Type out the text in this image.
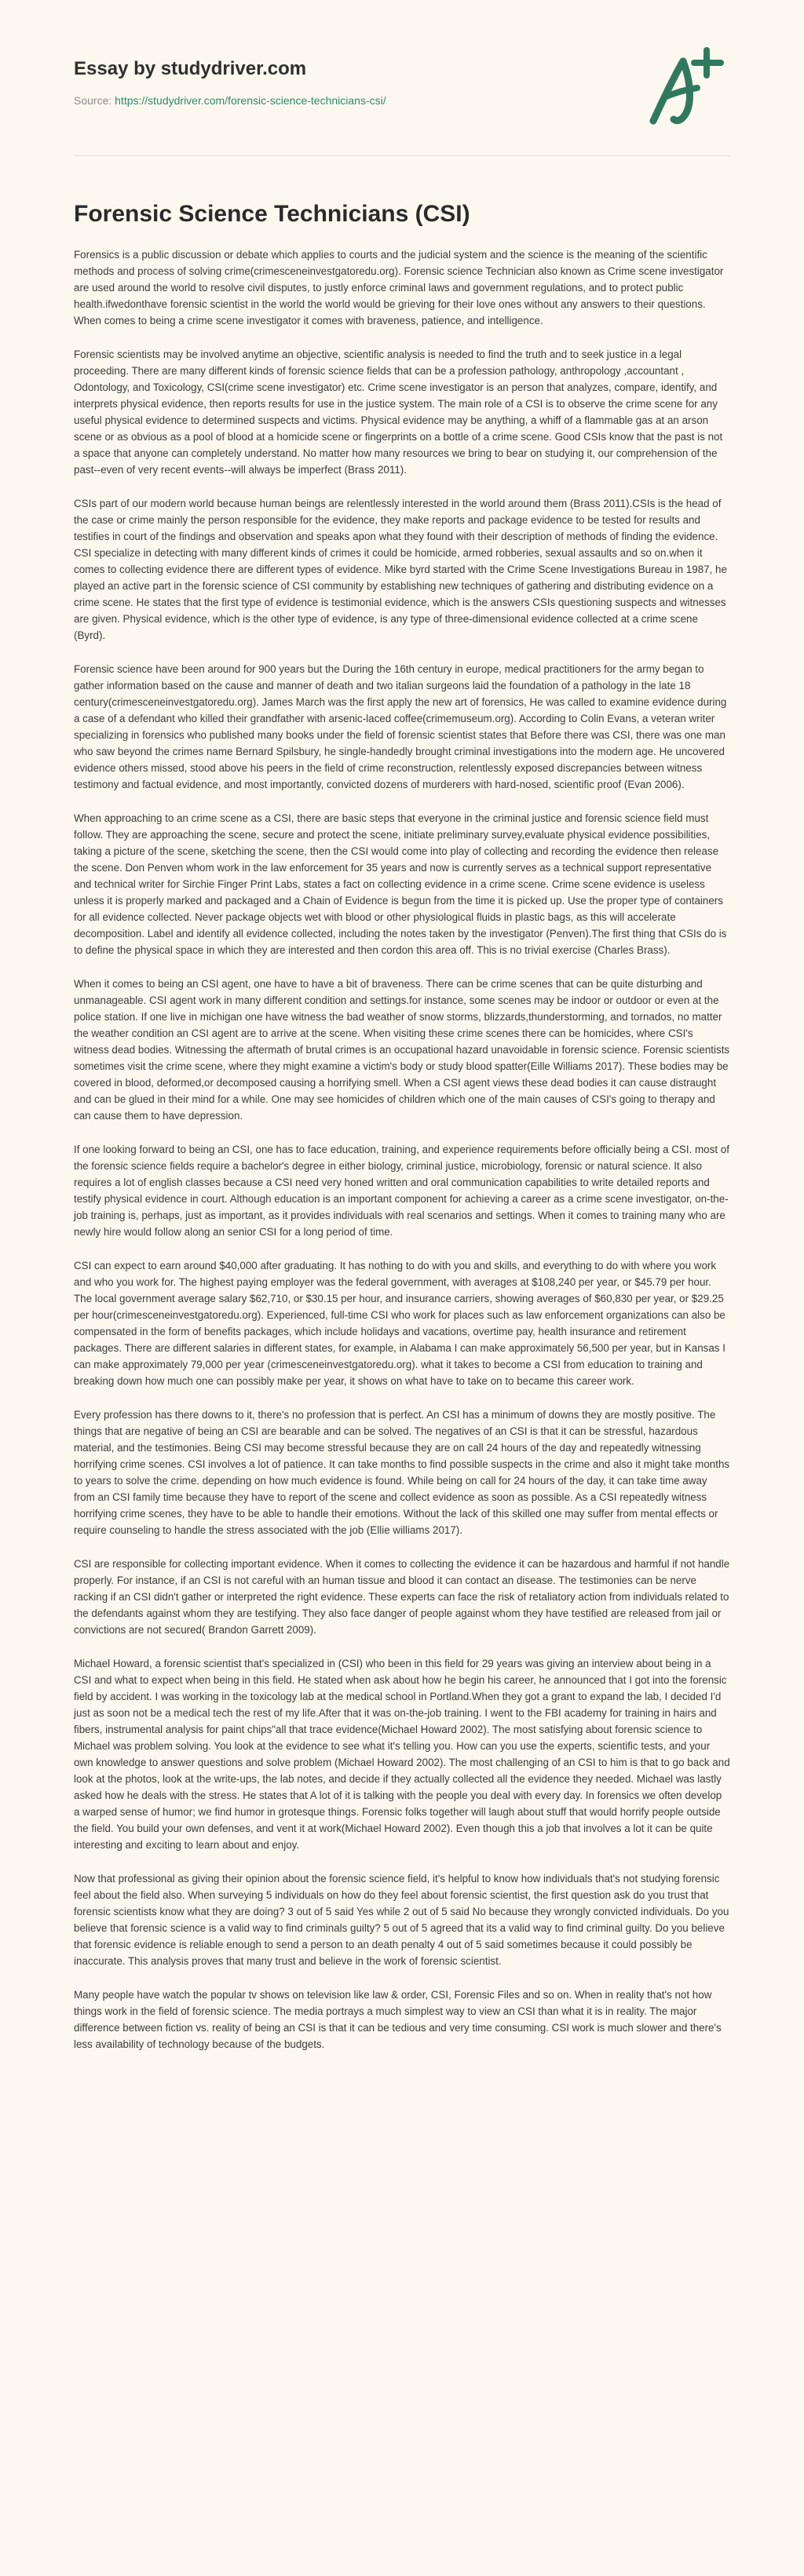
Essay by studydriver.com
Source: https://studydriver.com/forensic-science-technicians-csi/
Forensic Science Technicians (CSI)

Forensics is a public discussion or debate which applies to courts and the judicial system and the science is the meaning of the scientific methods and process of solving crime(crimesceneinvestgatoredu.org). Forensic science Technician also known as Crime scene investigator are used around the world to resolve civil disputes, to justly enforce criminal laws and government regulations, and to protect public health.ifwedonthave forensic scientist in the world the world would be grieving for their love ones without any answers to their questions. When comes to being a crime scene investigator it comes with braveness, patience, and intelligence.

Forensic scientists may be involved anytime an objective, scientific analysis is needed to find the truth and to seek justice in a legal proceeding. There are many different kinds of forensic science fields that can be a profession pathology, anthropology ,accountant , Odontology, and Toxicology, CSI(crime scene investigator) etc. Crime scene investigator is an person that analyzes, compare, identify, and interprets physical evidence, then reports results for use in the justice system. The main role of a CSI is to observe the crime scene for any useful physical evidence to determined suspects and victims. Physical evidence may be anything, a whiff of a flammable gas at an arson scene or as obvious as a pool of blood at a homicide scene or fingerprints on a bottle of a crime scene. Good CSIs know that the past is not a space that anyone can completely understand. No matter how many resources we bring to bear on studying it, our comprehension of the past--even of very recent events--will always be imperfect (Brass 2011).

CSIs part of our modern world because human beings are relentlessly interested in the world around them (Brass 2011).CSIs is the head of the case or crime mainly the person responsible for the evidence, they make reports and package evidence to be tested for results and testifies in court of the findings and observation and speaks apon what they found with their description of methods of finding the evidence. CSI specialize in detecting with many different kinds of crimes it could be homicide, armed robberies, sexual assaults and so on.when it comes to collecting evidence there are different types of evidence. Mike byrd started with the Crime Scene Investigations Bureau in 1987, he played an active part in the forensic science of CSI community by establishing new techniques of gathering and distributing evidence on a crime scene. He states that the first type of evidence is testimonial evidence, which is the answers CSIs questioning suspects and witnesses are given. Physical evidence, which is the other type of evidence, is any type of three-dimensional evidence collected at a crime scene (Byrd).

Forensic science have been around for 900 years but the During the 16th century in europe, medical practitioners for the army began to gather information based on the cause and manner of death and two italian surgeons laid the foundation of a pathology in the late 18 century(crimesceneinvestgatoredu.org). James March was the first apply the new art of forensics, He was called to examine evidence during a case of a defendant who killed their grandfather with arsenic-laced coffee(crimemuseum.org). According to Colin Evans, a veteran writer specializing in forensics who published many books under the field of forensic scientist states that Before there was CSI, there was one man who saw beyond the crimes name Bernard Spilsbury, he single-handedly brought criminal investigations into the modern age. He uncovered evidence others missed, stood above his peers in the field of crime reconstruction, relentlessly exposed discrepancies between witness testimony and factual evidence, and most importantly, convicted dozens of murderers with hard-nosed, scientific proof (Evan 2006).

When approaching to an crime scene as a CSI, there are basic steps that everyone in the criminal justice and forensic science field must follow. They are approaching the scene, secure and protect the scene, initiate preliminary survey,evaluate physical evidence possibilities, taking a picture of the scene, sketching the scene, then the CSI would come into play of collecting and recording the evidence then release the scene. Don Penven whom work in the law enforcement for 35 years and now is currently serves as a technical support representative and technical writer for Sirchie Finger Print Labs, states a fact on collecting evidence in a crime scene. Crime scene evidence is useless unless it is properly marked and packaged and a Chain of Evidence is begun from the time it is picked up. Use the proper type of containers for all evidence collected. Never package objects wet with blood or other physiological fluids in plastic bags, as this will accelerate decomposition. Label and identify all evidence collected, including the notes taken by the investigator (Penven).The first thing that CSIs do is to define the physical space in which they are interested and then cordon this area off. This is no trivial exercise (Charles Brass).

When it comes to being an CSI agent, one have to have a bit of braveness. There can be crime scenes that can be quite disturbing and unmanageable. CSI agent work in many different condition and settings.for instance, some scenes may be indoor or outdoor or even at the police station. If one live in michigan one have witness the bad weather of snow storms, blizzards,thunderstorming, and tornados, no matter the weather condition an CSI agent are to arrive at the scene. When visiting these crime scenes there can be homicides, where CSI's witness dead bodies. Witnessing the aftermath of brutal crimes is an occupational hazard unavoidable in forensic science. Forensic scientists sometimes visit the crime scene, where they might examine a victim's body or study blood spatter(Eille Williams 2017). These bodies may be covered in blood, deformed,or decomposed causing a horrifying smell. When a CSI agent views these dead bodies it can cause distraught and can be glued in their mind for a while. One may see homicides of children which one of the main causes of CSI's going to therapy and can cause them to have depression.

If one looking forward to being an CSI, one has to face education, training, and experience requirements before officially being a CSI. most of the forensic science fields require a bachelor's degree in either biology, criminal justice, microbiology, forensic or natural science. It also requires a lot of english classes because a CSI need very honed written and oral communication capabilities to write detailed reports and testify physical evidence in court. Although education is an important component for achieving a career as a crime scene investigator, on-the-job training is, perhaps, just as important, as it provides individuals with real scenarios and settings. When it comes to training many who are newly hire would follow along an senior CSI for a long period of time.

CSI can expect to earn around $40,000 after graduating. It has nothing to do with you and skills, and everything to do with where you work and who you work for. The highest paying employer was the federal government, with averages at $108,240 per year, or $45.79 per hour. The local government average salary $62,710, or $30.15 per hour, and insurance carriers, showing averages of $60,830 per year, or $29.25 per hour(crimesceneinvestgatoredu.org). Experienced, full-time CSI who work for places such as law enforcement organizations can also be compensated in the form of benefits packages, which include holidays and vacations, overtime pay, health insurance and retirement packages. There are different salaries in different states, for example, in Alabama I can make approximately 56,500 per year, but in Kansas I can make approximately 79,000 per year (crimesceneinvestgatoredu.org). what it takes to become a CSI from education to training and breaking down how much one can possibly make per year, it shows on what have to take on to became this career work.

Every profession has there downs to it, there's no profession that is perfect. An CSI has a minimum of downs they are mostly positive. The things that are negative of being an CSI are bearable and can be solved. The negatives of an CSI is that it can be stressful, hazardous material, and the testimonies. Being CSI may become stressful because they are on call 24 hours of the day and repeatedly witnessing horrifying crime scenes. CSI involves a lot of patience. It can take months to find possible suspects in the crime and also it might take months to years to solve the crime. depending on how much evidence is found. While being on call for 24 hours of the day, it can take time away from an CSI family time because they have to report of the scene and collect evidence as soon as possible. As a CSI repeatedly witness horrifying crime scenes, they have to be able to handle their emotions. Without the lack of this skilled one may suffer from mental effects or require counseling to handle the stress associated with the job (Ellie williams 2017).

CSI are responsible for collecting important evidence. When it comes to collecting the evidence it can be hazardous and harmful if not handle properly. For instance, if an CSI is not careful with an human tissue and blood it can contact an disease. The testimonies can be nerve racking if an CSI didn't gather or interpreted the right evidence. These experts can face the risk of retaliatory action from individuals related to the defendants against whom they are testifying. They also face danger of people against whom they have testified are released from jail or convictions are not secured( Brandon Garrett 2009).

Michael Howard, a forensic scientist that's specialized in (CSI) who been in this field for 29 years was giving an interview about being in a CSI and what to expect when being in this field. He stated when ask about how he begin his career, he announced that I got into the forensic field by accident. I was working in the toxicology lab at the medical school in Portland.When they got a grant to expand the lab, I decided I'd just as soon not be a medical tech the rest of my life.After that it was on-the-job training. I went to the FBI academy for training in hairs and fibers, instrumental analysis for paint chips"all that trace evidence(Michael Howard 2002). The most satisfying about forensic science to Michael was problem solving. You look at the evidence to see what it's telling you. How can you use the experts, scientific tests, and your own knowledge to answer questions and solve problem (Michael Howard 2002). The most challenging of an CSI to him is that to go back and look at the photos, look at the write-ups, the lab notes, and decide if they actually collected all the evidence they needed. Michael was lastly asked how he deals with the stress. He states that A lot of it is talking with the people you deal with every day. In forensics we often develop a warped sense of humor; we find humor in grotesque things. Forensic folks together will laugh about stuff that would horrify people outside the field. You build your own defenses, and vent it at work(Michael Howard 2002). Even though this a job that involves a lot it can be quite interesting and exciting to learn about and enjoy.

Now that professional as giving their opinion about the forensic science field, it's helpful to know how individuals that's not studying forensic feel about the field also. When surveying 5 individuals on how do they feel about forensic scientist, the first question ask do you trust that forensic scientists know what they are doing? 3 out of 5 said Yes while 2 out of 5 said No because they wrongly convicted individuals. Do you believe that forensic science is a valid way to find criminals guilty? 5 out of 5 agreed that its a valid way to find criminal guilty. Do you believe that forensic evidence is reliable enough to send a person to an death penalty 4 out of 5 said sometimes because it could possibly be inaccurate. This analysis proves that many trust and believe in the work of forensic scientist.

Many people have watch the popular tv shows on television like law & order, CSI, Forensic Files and so on. When in reality that's not how things work in the field of forensic science. The media portrays a much simplest way to view an CSI than what it is in reality. The major difference between fiction vs. reality of being an CSI is that it can be tedious and very time consuming. CSI work is much slower and there's less availability of technology because of the budgets.
